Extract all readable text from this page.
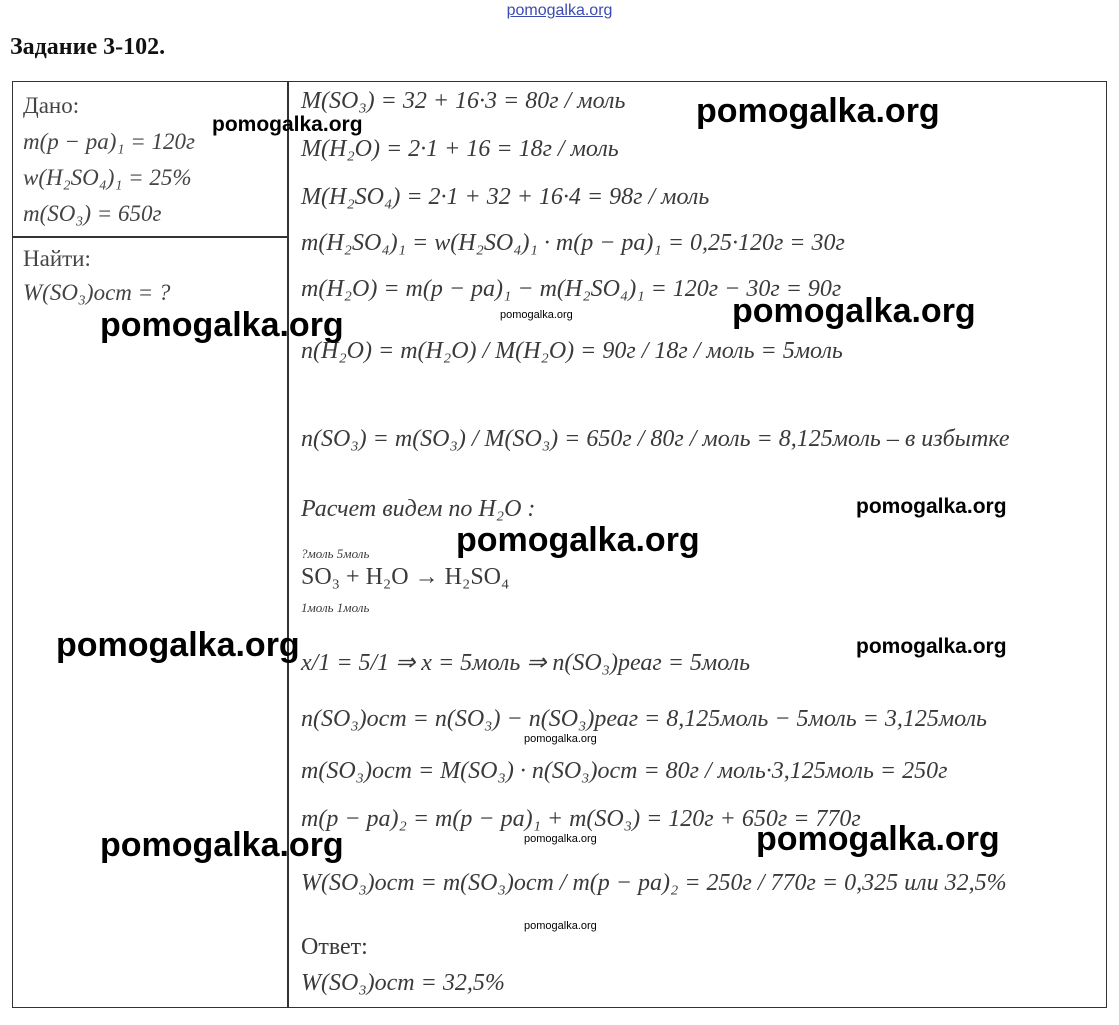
pomogalka.org
Задание 3-102.
Дано:
m(p − pa)₁ = 120г
w(H₂SO₄)₁ = 25%
m(SO₃) = 650г
Найти:
W(SO₃)ост = ?
M(SO₃) = 32 + 16·3 = 80г / моль
M(H₂O) = 2·1 + 16 = 18г / моль
M(H₂SO₄) = 2·1 + 32 + 16·4 = 98г / моль
m(H₂SO₄)₁ = w(H₂SO₄)₁ · m(p − pa)₁ = 0,25·120г = 30г
m(H₂O) = m(p − pa)₁ − m(H₂SO₄)₁ = 120г − 30г = 90г
n(H₂O) = m(H₂O) / M(H₂O) = 90г / 18г / моль = 5моль
n(SO₃) = m(SO₃) / M(SO₃) = 650г / 80г / моль = 8,125моль – в избытке
Расчет видем по H₂O :
?моль 5моль
SO₃ + H₂O → H₂SO₄
1моль 1моль
x/1 = 5/1 ⇒ x = 5моль ⇒ n(SO₃)реаг = 5моль
n(SO₃)ост = n(SO₃) − n(SO₃)реаг = 8,125моль − 5моль = 3,125моль
m(SO₃)ост = M(SO₃) · n(SO₃)ост = 80г / моль·3,125моль = 250г
m(p − pa)₂ = m(p − pa)₁ + m(SO₃) = 120г + 650г = 770г
W(SO₃)ост = m(SO₃)ост / m(p − pa)₂ = 250г / 770г = 0,325 или 32,5%
Ответ:
W(SO₃)ост = 32,5%
pomogalka.org
pomogalka.org
pomogalka.org
pomogalka.org	pomogalka.org
pomogalka.org
pomogalka.org
pomogalka.org	pomogalka.org
pomogalka.org
pomogalka.org
pomogalka.org	pomogalka.org
pomogalka.org
